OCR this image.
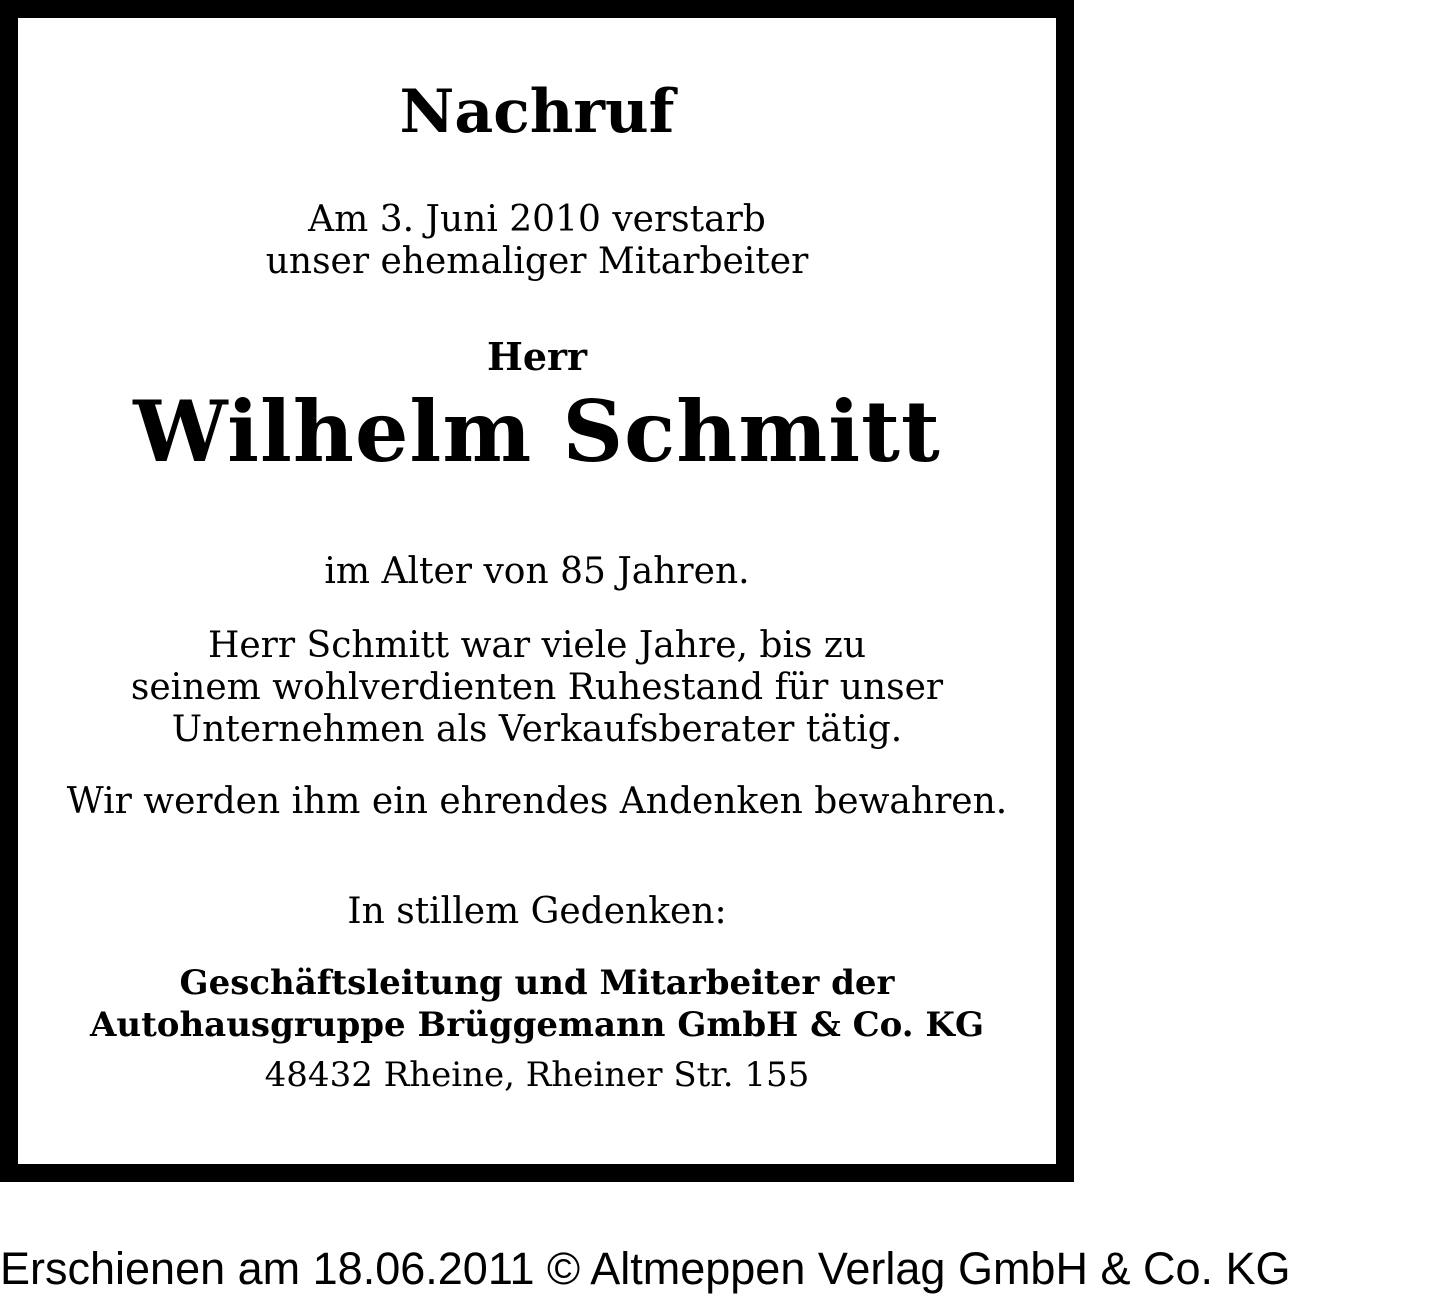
Nachruf
Am 3. Juni 2010 verstarb
unser ehemaliger Mitarbeiter
Herr
Wilhelm Schmitt
im Alter von 85 Jahren.
Herr Schmitt war viele Jahre, bis zu
seinem wohlverdienten Ruhestand für unser
Unternehmen als Verkaufsberater tätig.
Wir werden ihm ein ehrendes Andenken bewahren.
In stillem Gedenken:
Geschäftsleitung und Mitarbeiter der
Autohausgruppe Brüggemann GmbH & Co. KG
48432 Rheine, Rheiner Str. 155
Erschienen am 18.06.2011 © Altmeppen Verlag GmbH & Co. KG
